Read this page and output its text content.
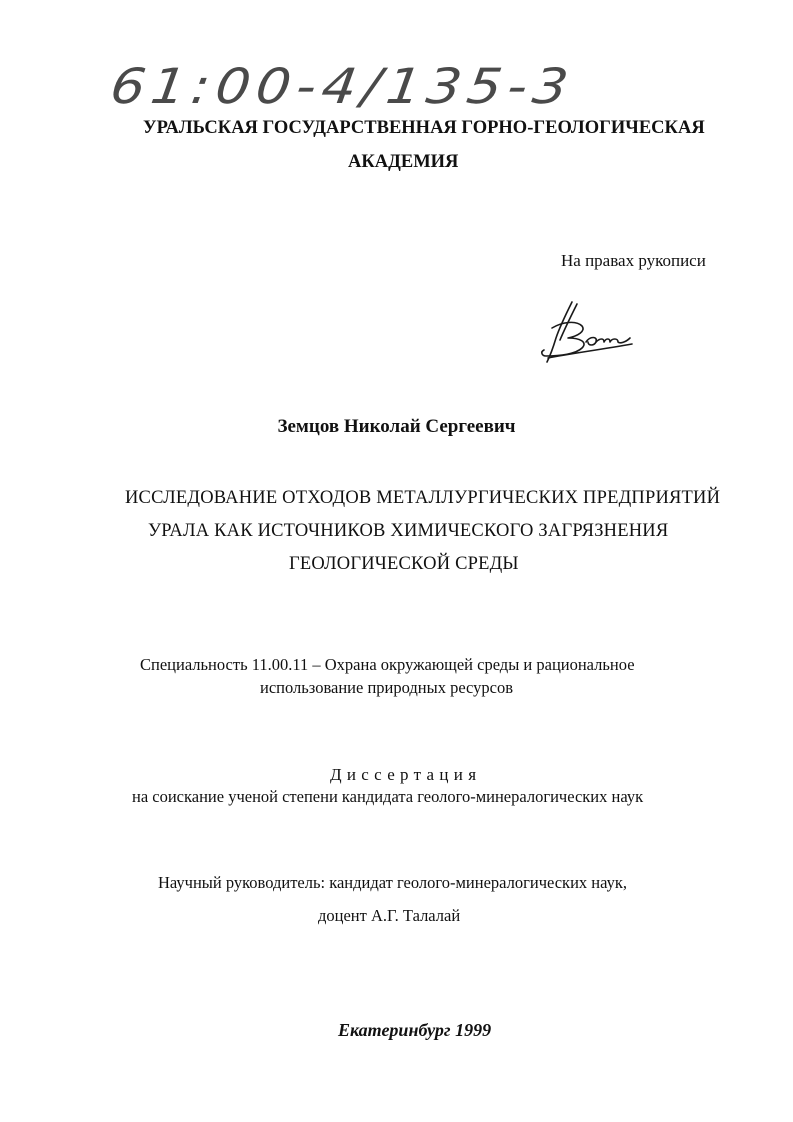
61:00-4/135-3
УРАЛЬСКАЯ ГОСУДАРСТВЕННАЯ ГОРНО-ГЕОЛОГИЧЕСКАЯ
АКАДЕМИЯ
На правах рукописи
Земцов Николай Сергеевич
ИССЛЕДОВАНИЕ ОТХОДОВ МЕТАЛЛУРГИЧЕСКИХ ПРЕДПРИЯТИЙ
УРАЛА КАК ИСТОЧНИКОВ ХИМИЧЕСКОГО ЗАГРЯЗНЕНИЯ
ГЕОЛОГИЧЕСКОЙ СРЕДЫ
Специальность 11.00.11 – Охрана окружающей среды и рациональное
использование природных ресурсов
Диссертация
на соискание ученой степени кандидата геолого-минералогических наук
Научный руководитель: кандидат геолого-минералогических наук,
доцент А.Г. Талалай
Екатеринбург 1999
